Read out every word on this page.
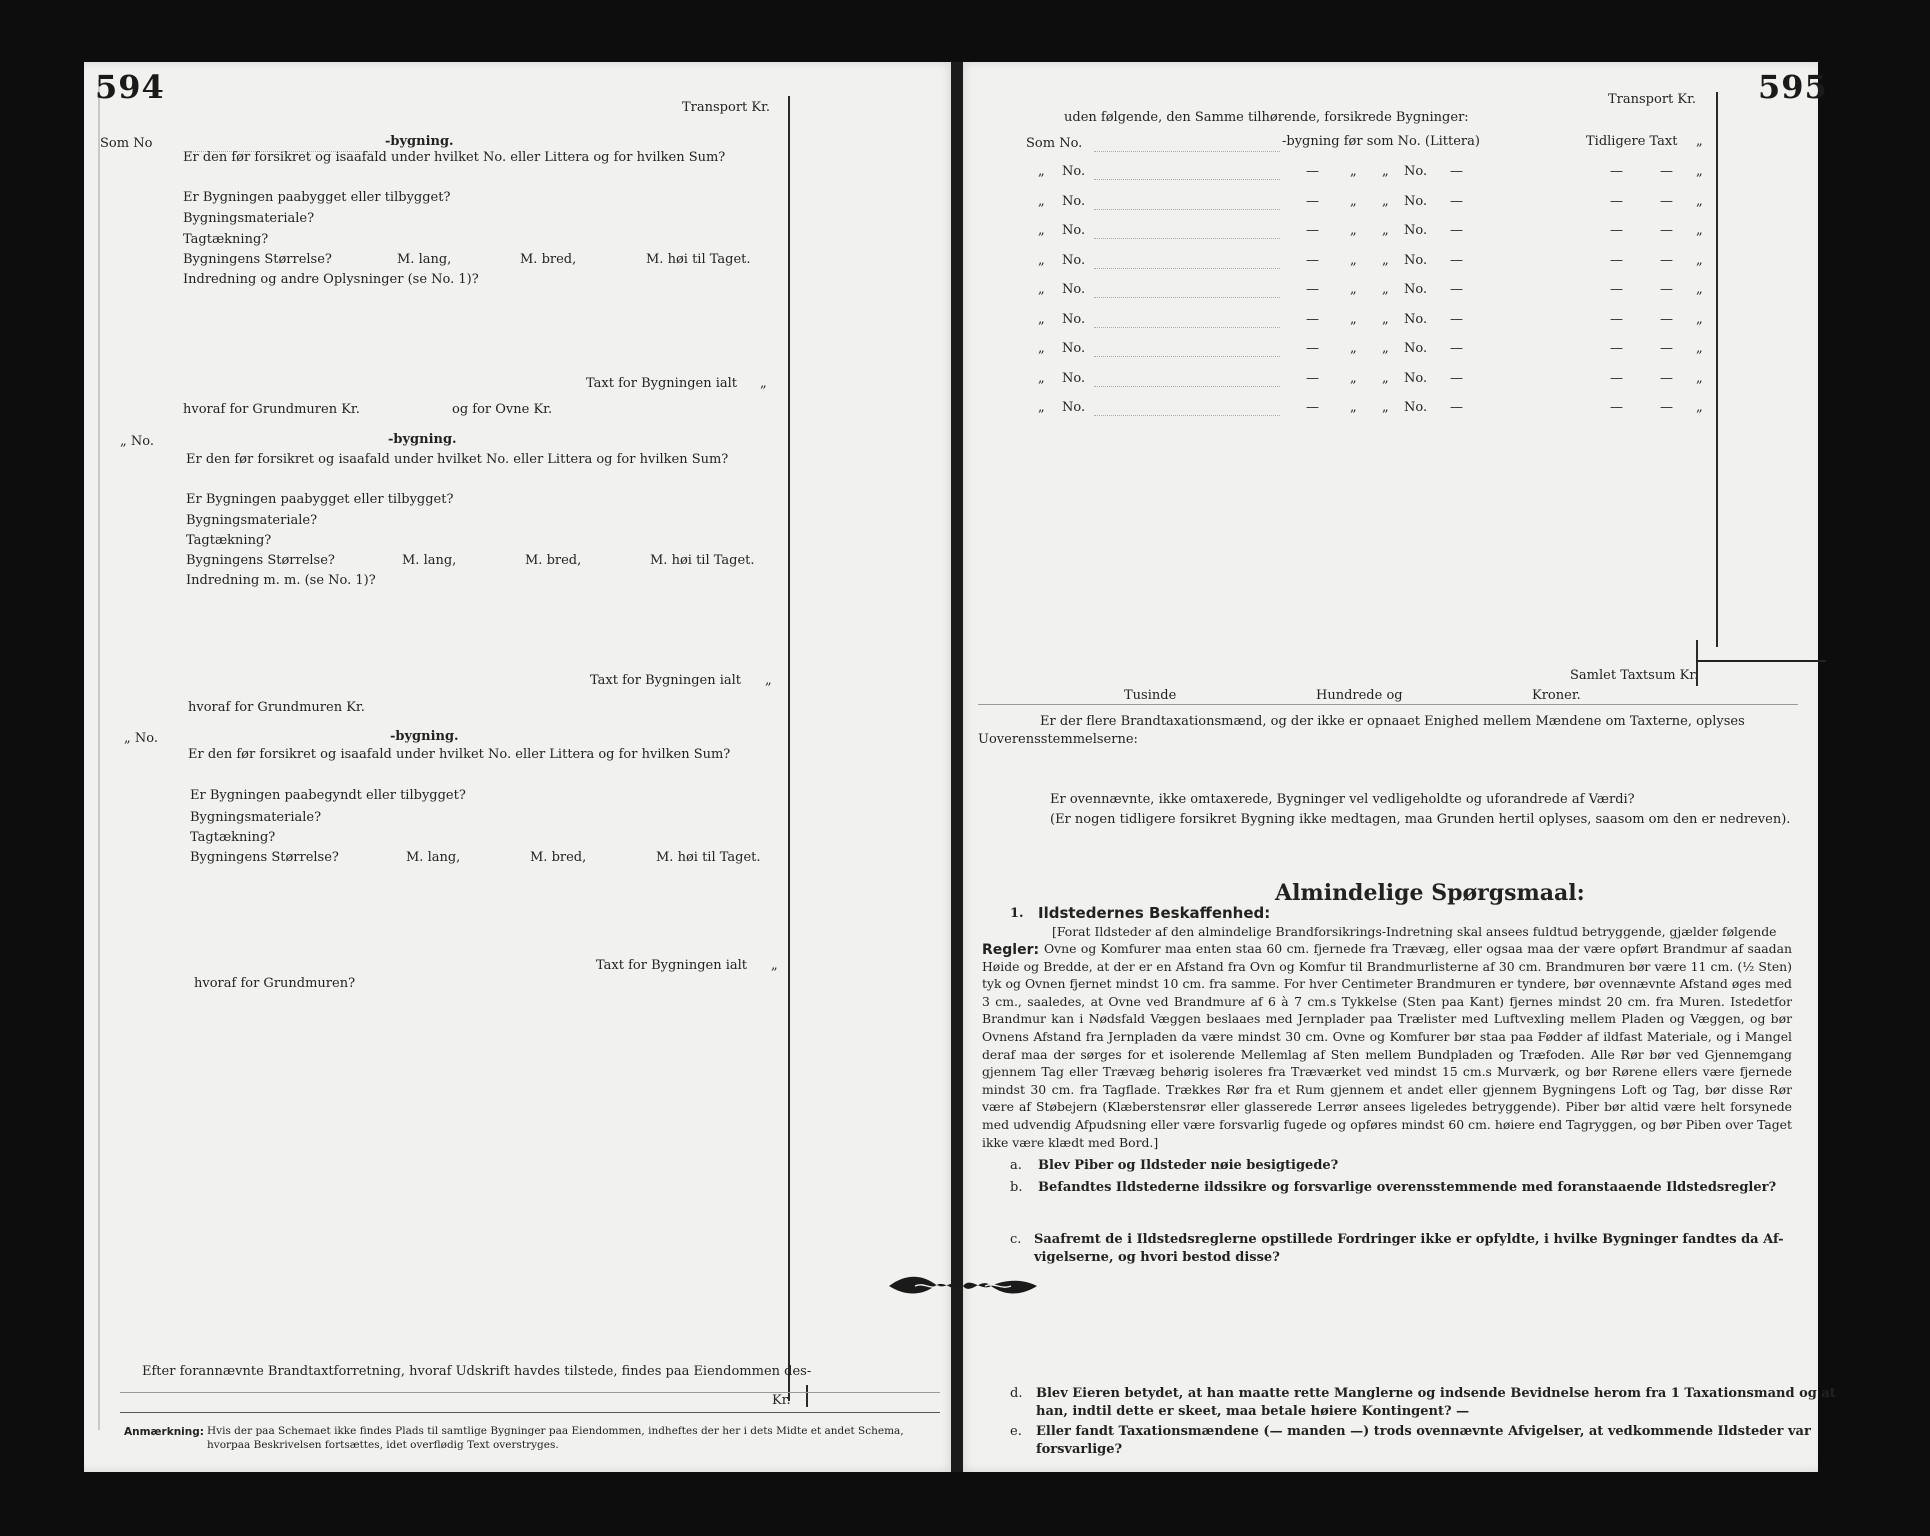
594
Transport Kr.
Som No	-bygning.
Er den før forsikret og isaafald under hvilket No. eller Littera og for hvilken Sum?
Er Bygningen paabygget eller tilbygget?
Bygningsmateriale?
Tagtækning?
Bygningens Størrelse?	M. lang,	M. bred,	M. høi til Taget.
Indredning og andre Oplysninger (se No. 1)?
Taxt for Bygningen ialt „
hvoraf for Grundmuren Kr.	og for Ovne Kr.
„ No.	-bygning.
Er den før forsikret og isaafald under hvilket No. eller Littera og for hvilken Sum?
Er Bygningen paabygget eller tilbygget?
Bygningsmateriale?
Tagtækning?
Bygningens Størrelse?	M. lang,	M. bred,	M. høi til Taget.
Indredning m. m. (se No. 1)?
Taxt for Bygningen ialt „
hvoraf for Grundmuren Kr.
„ No.	-bygning.
Er den før forsikret og isaafald under hvilket No. eller Littera og for hvilken Sum?
Er Bygningen paabegyndt eller tilbygget?
Bygningsmateriale?
Tagtækning?
Bygningens Størrelse?	M. lang,	M. bred,	M. høi til Taget.
Taxt for Bygningen ialt „
hvoraf for Grundmuren?
Efter forannævnte Brandtaxtforretning, hvoraf Udskrift havdes tilstede, findes paa Eiendommen des-
Kr.
Anmærkning: Hvis der paa Schemaet ikke findes Plads til samtlige Bygninger paa Eiendommen, indheftes der her i dets Midte et andet Schema,
hvorpaa Beskrivelsen fortsættes, idet overflødig Text overstryges.
595
Transport Kr.
uden følgende, den Samme tilhørende, forsikrede Bygninger:
Som No.	-bygning før som No. (Littera)	Tidligere Taxt „
„ No.	— „ „ No. —	—	— „
„ No.	— „ „ No. —	—	— „
„ No.	— „ „ No. —	—	— „
„ No.	— „ „ No. —	—	— „
„ No.	— „ „ No. —	—	— „
„ No.	— „ „ No. —	—	— „
„ No.	— „ „ No. —	—	— „
„ No.	— „ „ No. —	—	— „
„ No.	— „ „ No. —	—	— „
Samlet Taxtsum Kr.
Tusinde	Hundrede og	Kroner.
Er der flere Brandtaxationsmænd, og der ikke er opnaaet Enighed mellem Mændene om Taxterne, oplyses
Uoverensstemmelserne:
Er ovennævnte, ikke omtaxerede, Bygninger vel vedligeholdte og uforandrede af Værdi?
(Er nogen tidligere forsikret Bygning ikke medtagen, maa Grunden hertil oplyses, saasom om den er nedreven).
Almindelige Spørgsmaal:
1. Ildstedernes Beskaffenhed:
[Forat Ildsteder af den almindelige Brandforsikrings-Indretning skal ansees fuldtud betryggende, gjælder følgende
Regler: Ovne og Komfurer maa enten staa 60 cm. fjernede fra Trævæg, eller ogsaa maa der være opført Brandmur af saadan Høide og Bredde, at der er en Afstand fra Ovn og Komfur til Brandmurlisterne af 30 cm. Brandmuren bør være 11 cm. (½ Sten) tyk og Ovnen fjernet mindst 10 cm. fra samme. For hver Centimeter Brandmuren er tyndere, bør ovennævnte Afstand øges med 3 cm., saaledes, at Ovne ved Brandmure af 6 à 7 cm.s Tykkelse (Sten paa Kant) fjernes mindst 20 cm. fra Muren. Istedetfor Brandmur kan i Nødsfald Væggen beslaaes med Jernplader paa Trælister med Luftvexling mellem Pladen og Væggen, og bør Ovnens Afstand fra Jernpladen da være mindst 30 cm. Ovne og Komfurer bør staa paa Fødder af ildfast Materiale, og i Mangel deraf maa der sørges for et isolerende Mellemlag af Sten mellem Bundpladen og Træfoden. Alle Rør bør ved Gjennemgang gjennem Tag eller Trævæg behørig isoleres fra Træværket ved mindst 15 cm.s Murværk, og bør Rørene ellers være fjernede mindst 30 cm. fra Tagflade. Trækkes Rør fra et Rum gjennem et andet eller gjennem Bygningens Loft og Tag, bør disse Rør være af Støbejern (Klæberstensrør eller glasserede Lerrør ansees ligeledes betryggende). Piber bør altid være helt forsynede med udvendig Afpudsning eller være forsvarlig fugede og opføres mindst 60 cm. høiere end Tagryggen, og bør Piben over Taget ikke være klædt med Bord.]
a. Blev Piber og Ildsteder nøie besigtigede?
b. Befandtes Ildstederne ildssikre og forsvarlige overensstemmende med foranstaaende Ildstedsregler?
c. Saafremt de i Ildstedsreglerne opstillede Fordringer ikke er opfyldte, i hvilke Bygninger fandtes da Af-
vigelserne, og hvori bestod disse?
d. Blev Eieren betydet, at han maatte rette Manglerne og indsende Bevidnelse herom fra 1 Taxationsmand og at
han, indtil dette er skeet, maa betale høiere Kontingent? —
e. Eller fandt Taxationsmændene (— manden —) trods ovennævnte Afvigelser, at vedkommende Ildsteder var
forsvarlige?
